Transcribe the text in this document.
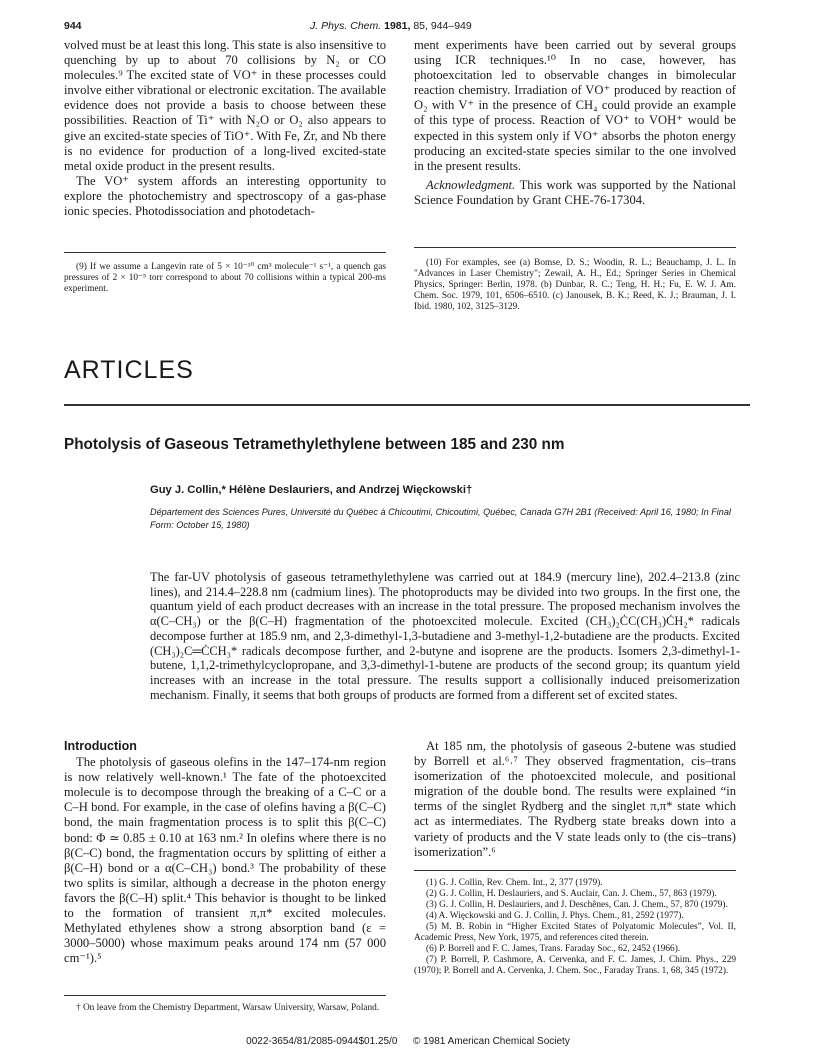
944	J. Phys. Chem. 1981, 85, 944–949

volved must be at least this long. This state is also insensitive to quenching by up to about 70 collisions by N₂ or CO molecules.⁹ The excited state of VO⁺ in these processes could involve either vibrational or electronic excitation. The available evidence does not provide a basis to choose between these possibilities. Reaction of Ti⁺ with N₂O or O₂ also appears to give an excited-state species of TiO⁺. With Fe, Zr, and Nb there is no evidence for production of a long-lived excited-state metal oxide product in the present results.

The VO⁺ system affords an interesting opportunity to explore the photochemistry and spectroscopy of a gas-phase ionic species. Photodissociation and photodetach-

(9) If we assume a Langevin rate of 5 × 10⁻¹⁰ cm³ molecule⁻¹ s⁻¹, a quench gas pressures of 2 × 10⁻⁵ torr correspond to about 70 collisions within a typical 200-ms experiment.

ment experiments have been carried out by several groups using ICR techniques.¹⁰ In no case, however, has photoexcitation led to observable changes in bimolecular reaction chemistry. Irradiation of VO⁺ produced by reaction of O₂ with V⁺ in the presence of CH₄ could provide an example of this type of process. Reaction of VO⁺ to VOH⁺ would be expected in this system only if VO⁺ absorbs the photon energy producing an excited-state species similar to the one involved in the present results.

Acknowledgment. This work was supported by the National Science Foundation by Grant CHE-76-17304.

(10) For examples, see (a) Bomse, D. S.; Woodin, R. L.; Beauchamp, J. L. In "Advances in Laser Chemistry"; Zewail, A. H., Ed.; Springer Series in Chemical Physics, Springer: Berlin, 1978. (b) Dunbar, R. C.; Teng, H. H.; Fu, E. W. J. Am. Chem. Soc. 1979, 101, 6506–6510. (c) Janousek, B. K.; Reed, K. J.; Brauman, J. I. Ibid. 1980, 102, 3125–3129.
ARTICLES
Photolysis of Gaseous Tetramethylethylene between 185 and 230 nm
Guy J. Collin,* Hélène Deslauriers, and Andrzej Więckowski†
Département des Sciences Pures, Université du Québec à Chicoutimi, Chicoutimi, Québec, Canada G7H 2B1 (Received: April 16, 1980; In Final Form: October 15, 1980)
The far-UV photolysis of gaseous tetramethylethylene was carried out at 184.9 (mercury line), 202.4–213.8 (zinc lines), and 214.4–228.8 nm (cadmium lines). The photoproducts may be divided into two groups. In the first one, the quantum yield of each product decreases with an increase in the total pressure. The proposed mechanism involves the α(C–CH₃) or the β(C–H) fragmentation of the photoexcited molecule. Excited (CH₃)₂ĊC(CH₃)ĊH₂* radicals decompose further at 185.9 nm, and 2,3-dimethyl-1,3-butadiene and 3-methyl-1,2-butadiene are the products. Excited (CH₃)₂C═ĊCH₃* radicals decompose further, and 2-butyne and isoprene are the products. Isomers 2,3-dimethyl-1-butene, 1,1,2-trimethylcyclopropane, and 3,3-dimethyl-1-butene are products of the second group; its quantum yield increases with an increase in the total pressure. The results support a collisionally induced preisomerization mechanism. Finally, it seems that both groups of products are formed from a different set of excited states.
Introduction

The photolysis of gaseous olefins in the 147–174-nm region is now relatively well-known.¹ The fate of the photoexcited molecule is to decompose through the breaking of a C–C or a C–H bond. For example, in the case of olefins having a β(C–C) bond, the main fragmentation process is to split this β(C–C) bond: Φ ≃ 0.85 ± 0.10 at 163 nm.² In olefins where there is no β(C–C) bond, the fragmentation occurs by splitting of either a β(C–H) bond or a α(C–CH₃) bond.³ The probability of these two splits is similar, although a decrease in the photon energy favors the β(C–H) split.⁴ This behavior is thought to be linked to the formation of transient π,π* excited molecules. Methylated ethylenes show a strong absorption band (ε = 3000–5000) whose maximum peaks around 174 nm (57 000 cm⁻¹).⁵

† On leave from the Chemistry Department, Warsaw University, Warsaw, Poland.

At 185 nm, the photolysis of gaseous 2-butene was studied by Borrell et al.⁶˒⁷ They observed fragmentation, cis–trans isomerization of the photoexcited molecule, and positional migration of the double bond. The results were explained “in terms of the singlet Rydberg and the singlet π,π* state which act as intermediates. The Rydberg state breaks down into a variety of products and the V state leads only to (the cis–trans) isomerization”.⁶

(1) G. J. Collin, Rev. Chem. Int., 2, 377 (1979).

(2) G. J. Collin, H. Deslauriers, and S. Auclair, Can. J. Chem., 57, 863 (1979).

(3) G. J. Collin, H. Deslauriers, and J. Deschênes, Can. J. Chem., 57, 870 (1979).

(4) A. Więckowski and G. J. Collin, J. Phys. Chem., 81, 2592 (1977).

(5) M. B. Robin in “Higher Excited States of Polyatomic Molecules”, Vol. II, Academic Press, New York, 1975, and references cited therein.

(6) P. Borrell and F. C. James, Trans. Faraday Soc., 62, 2452 (1966).

(7) P. Borrell, P. Cashmore, A. Cervenka, and F. C. James, J. Chim. Phys., 229 (1970); P. Borrell and A. Cervenka, J. Chem. Soc., Faraday Trans. 1, 68, 345 (1972).

0022-3654/81/2085-0944$01.25/0 © 1981 American Chemical Society
